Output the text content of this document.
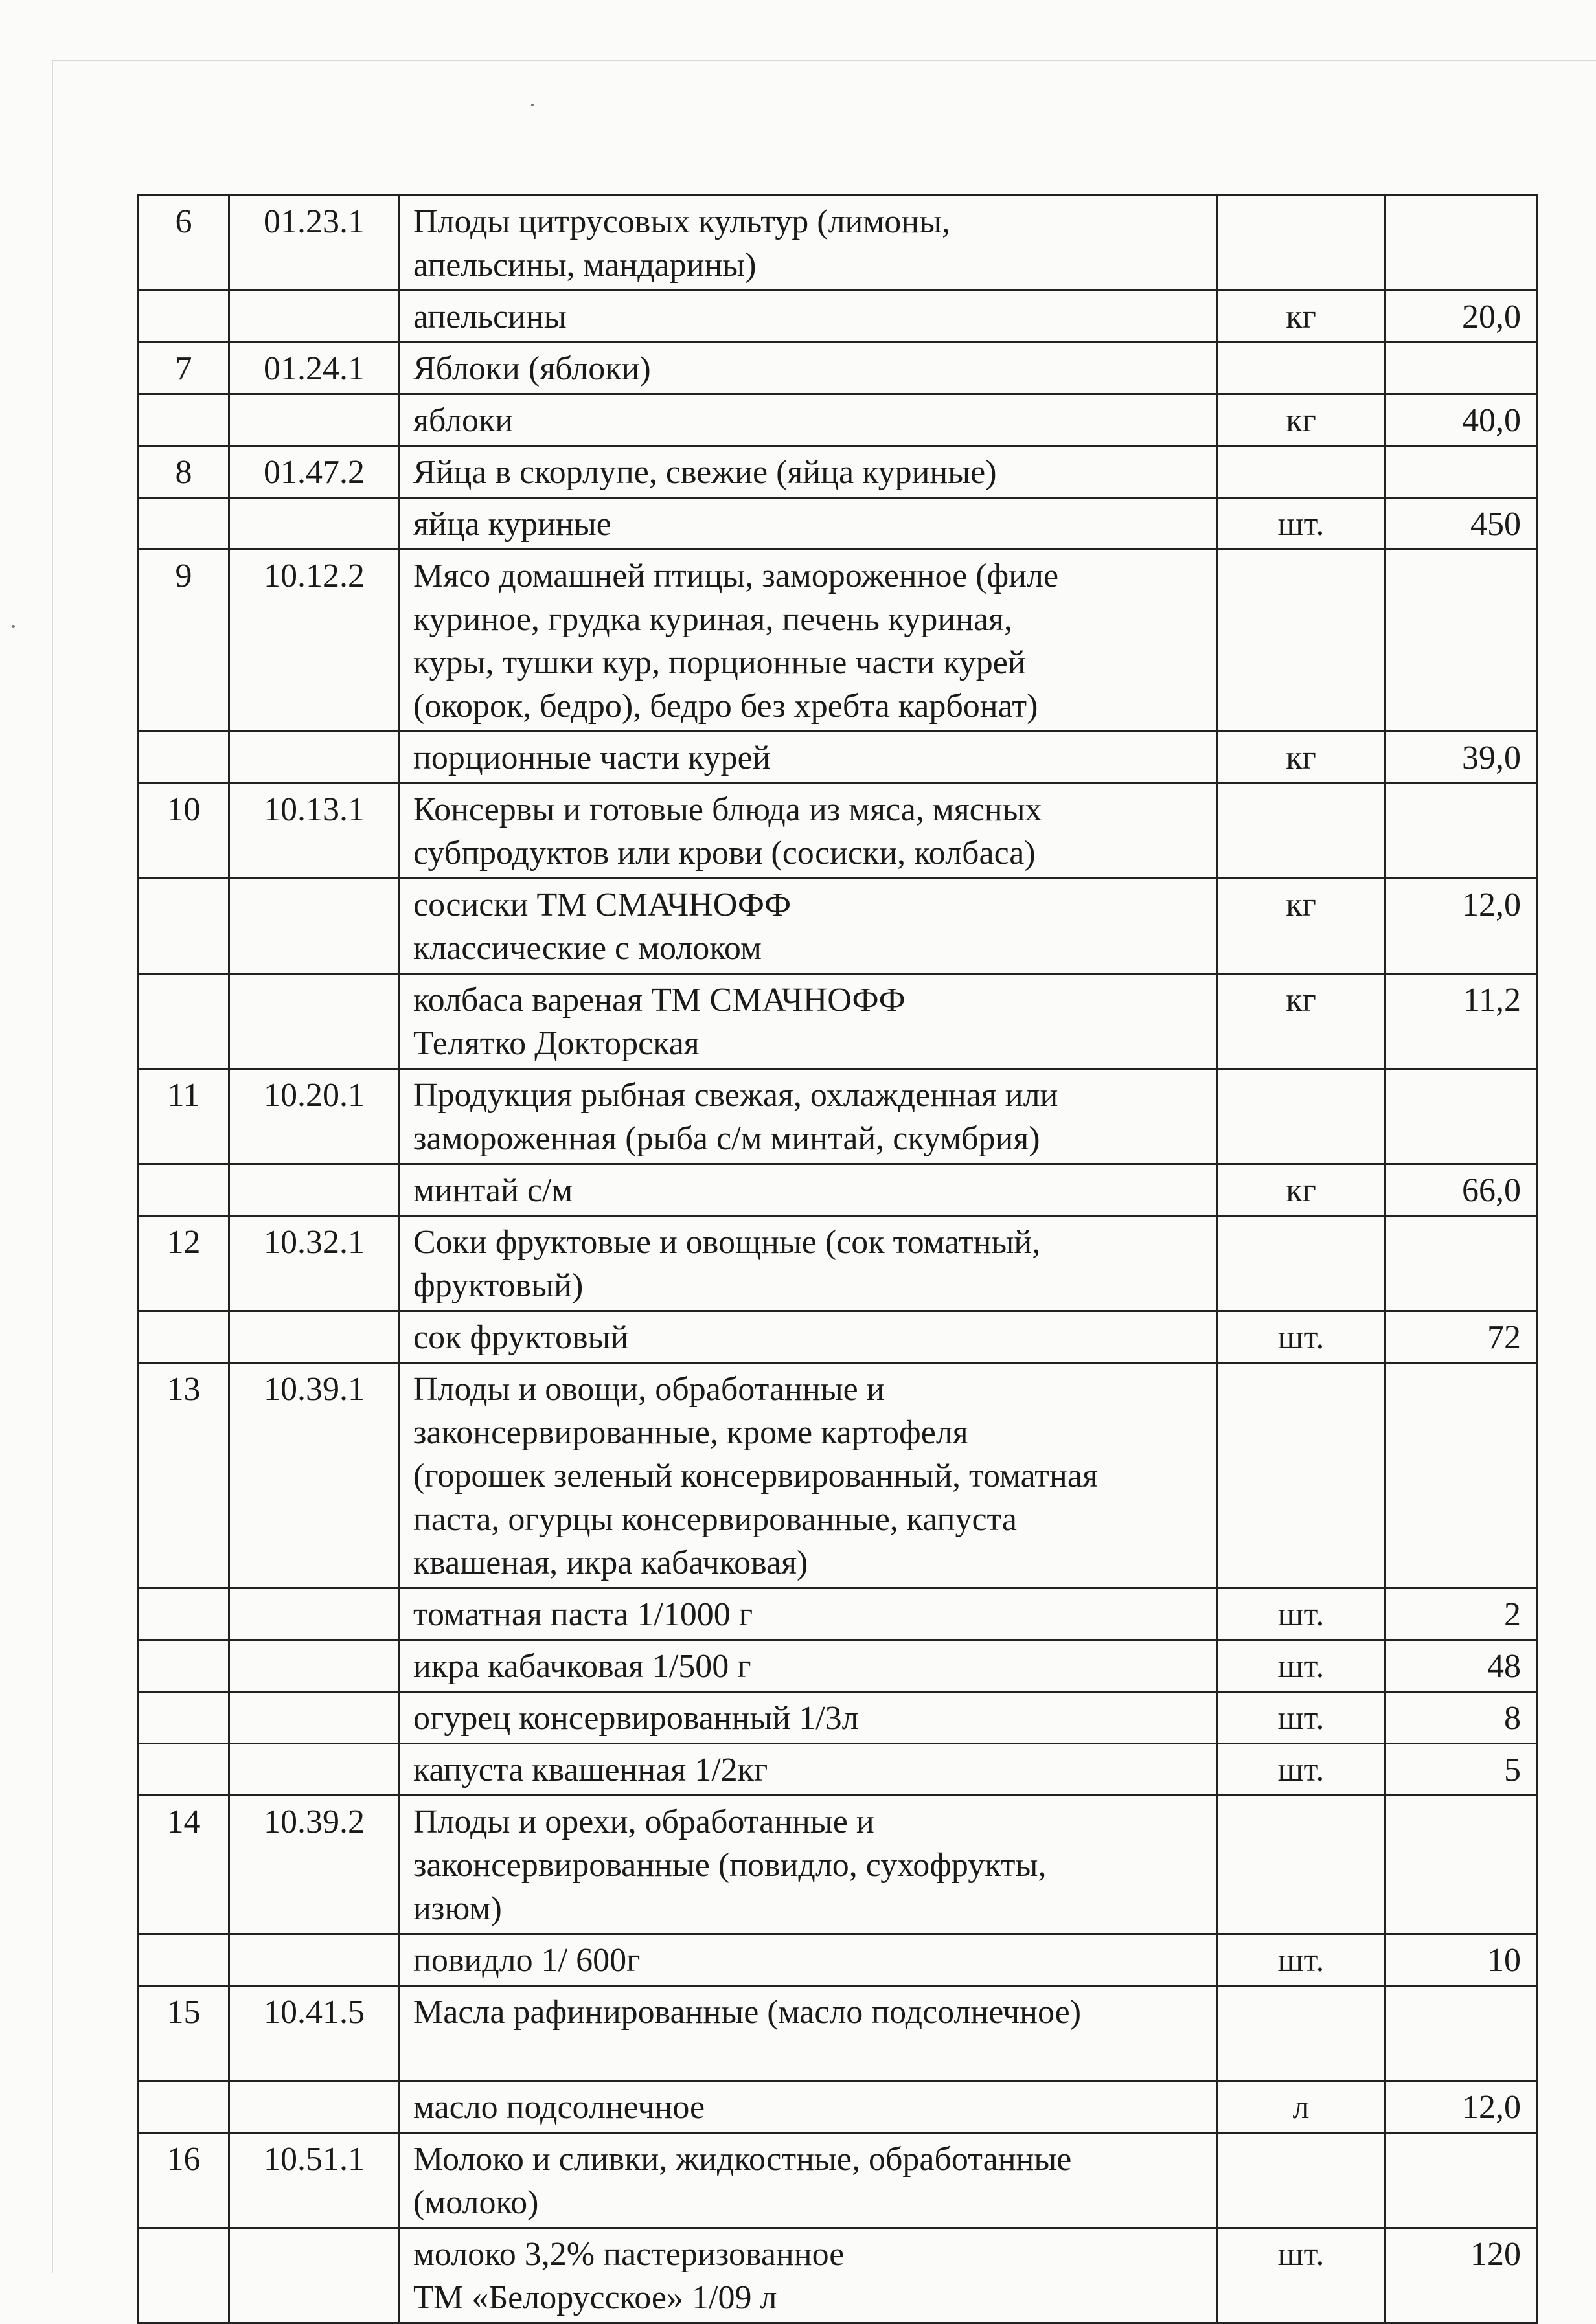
6	01.23.1	Плоды цитрусовых культур (лимоны,
апельсины, мандарины)		

		апельсины	кг	20,0
7	01.24.1	Яблоки (яблоки)		

		яблоки	кг	40,0
8	01.47.2	Яйца в скорлупе, свежие (яйца куриные)		

		яйца куриные	шт.	450
9	10.12.2	Мясо домашней птицы, замороженное (филе
куриное, грудка куриная, печень куриная,
куры, тушки кур, порционные части курей
(окорок, бедро), бедро без хребта карбонат)		

		порционные части курей	кг	39,0
10	10.13.1	Консервы и готовые блюда из мяса, мясных
субпродуктов или крови (сосиски, колбаса)		

		сосиски ТМ СМАЧНОФФ
классические с молоком	кг	12,0

		колбаса вареная ТМ СМАЧНОФФ
Телятко Докторская	кг	11,2
11	10.20.1	Продукция рыбная свежая, охлажденная или
замороженная (рыба с/м минтай, скумбрия)		

		минтай с/м	кг	66,0
12	10.32.1	Соки фруктовые и овощные (сок томатный,
фруктовый)		

		сок фруктовый	шт.	72
13	10.39.1	Плоды и овощи, обработанные и
законсервированные, кроме картофеля
(горошек зеленый консервированный, томатная
паста, огурцы консервированные, капуста
квашеная, икра кабачковая)		

		томатная паста 1/1000 г	шт.	2

		икра кабачковая 1/500 г	шт.	48

		огурец консервированный 1/3л	шт.	8

		капуста квашенная 1/2кг	шт.	5
14	10.39.2	Плоды и орехи, обработанные и
законсервированные (повидло, сухофрукты,
изюм)		

		повидло 1/ 600г	шт.	10
15	10.41.5	Масла рафинированные (масло подсолнечное)		

		масло подсолнечное	л	12,0
16	10.51.1	Молоко и сливки, жидкостные, обработанные
(молоко)		

		молоко 3,2% пастеризованное
ТМ «Белорусское» 1/09 л	шт.	120
